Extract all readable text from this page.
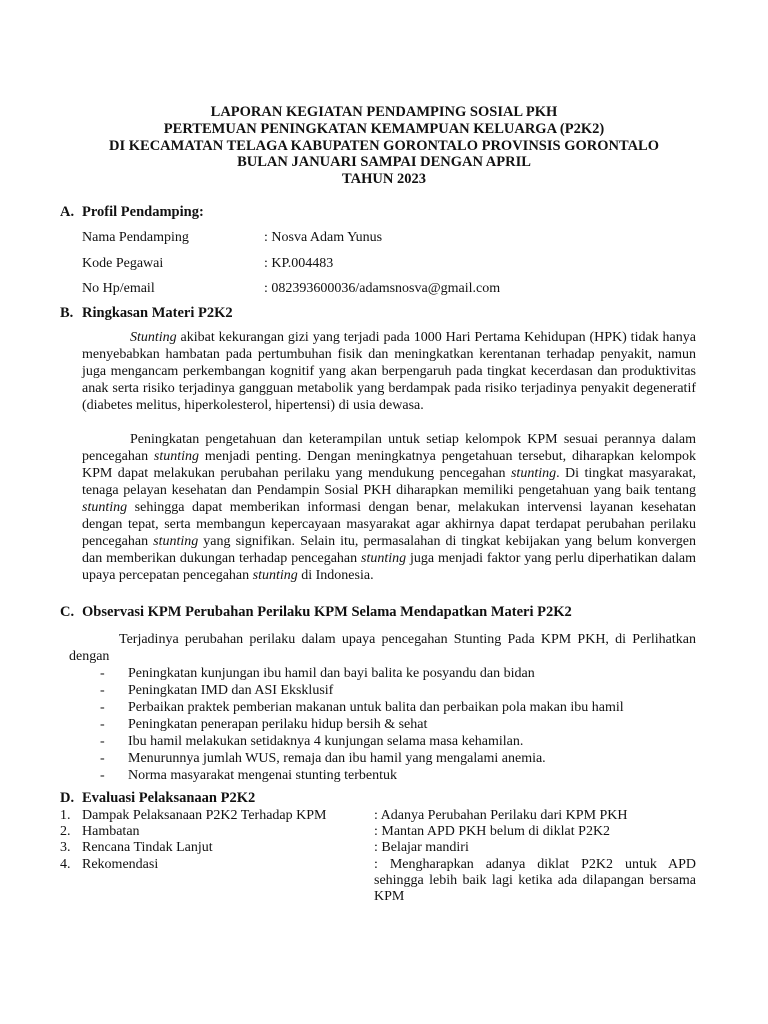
LAPORAN KEGIATAN PENDAMPING SOSIAL PKH
PERTEMUAN PENINGKATAN KEMAMPUAN KELUARGA (P2K2)
DI KECAMATAN TELAGA KABUPATEN GORONTALO PROVINSIS GORONTALO
BULAN JANUARI SAMPAI DENGAN APRIL
TAHUN 2023
A. Profil Pendamping:
Nama Pendamping	: Nosva Adam Yunus
Kode Pegawai	: KP.004483
No Hp/email	: 082393600036/adamsnosva@gmail.com
B. Ringkasan Materi P2K2
Stunting akibat kekurangan gizi yang terjadi pada 1000 Hari Pertama Kehidupan (HPK) tidak hanya menyebabkan hambatan pada pertumbuhan fisik dan meningkatkan kerentanan terhadap penyakit, namun juga mengancam perkembangan kognitif yang akan berpengaruh pada tingkat kecerdasan dan produktivitas anak serta risiko terjadinya gangguan metabolik yang berdampak pada risiko terjadinya penyakit degeneratif (diabetes melitus, hiperkolesterol, hipertensi) di usia dewasa.
Peningkatan pengetahuan dan keterampilan untuk setiap kelompok KPM sesuai perannya dalam pencegahan stunting menjadi penting. Dengan meningkatnya pengetahuan tersebut, diharapkan kelompok KPM dapat melakukan perubahan perilaku yang mendukung pencegahan stunting. Di tingkat masyarakat, tenaga pelayan kesehatan dan Pendampin Sosial PKH diharapkan memiliki pengetahuan yang baik tentang stunting sehingga dapat memberikan informasi dengan benar, melakukan intervensi layanan kesehatan dengan tepat, serta membangun kepercayaan masyarakat agar akhirnya dapat terdapat perubahan perilaku pencegahan stunting yang signifikan. Selain itu, permasalahan di tingkat kebijakan yang belum konvergen dan memberikan dukungan terhadap pencegahan stunting juga menjadi faktor yang perlu diperhatikan dalam upaya percepatan pencegahan stunting di Indonesia.
C. Observasi KPM Perubahan Perilaku KPM Selama Mendapatkan Materi P2K2
Terjadinya perubahan perilaku dalam upaya pencegahan Stunting Pada KPM PKH, di Perlihatkan dengan
- Peningkatan kunjungan ibu hamil dan bayi balita ke posyandu dan bidan
- Peningkatan IMD dan ASI Eksklusif
- Perbaikan praktek pemberian makanan untuk balita dan perbaikan pola makan ibu hamil
- Peningkatan penerapan perilaku hidup bersih & sehat
- Ibu hamil melakukan setidaknya 4 kunjungan selama masa kehamilan.
- Menurunnya jumlah WUS, remaja dan ibu hamil yang mengalami anemia.
- Norma masyarakat mengenai stunting terbentuk
D. Evaluasi Pelaksanaan P2K2
1. Dampak Pelaksanaan P2K2 Terhadap KPM	: Adanya Perubahan Perilaku dari KPM PKH
2. Hambatan	: Mantan APD PKH belum di diklat P2K2
3. Rencana Tindak Lanjut	: Belajar mandiri
4. Rekomendasi	: Mengharapkan adanya diklat P2K2 untuk APD sehingga lebih baik lagi ketika ada dilapangan bersama KPM
